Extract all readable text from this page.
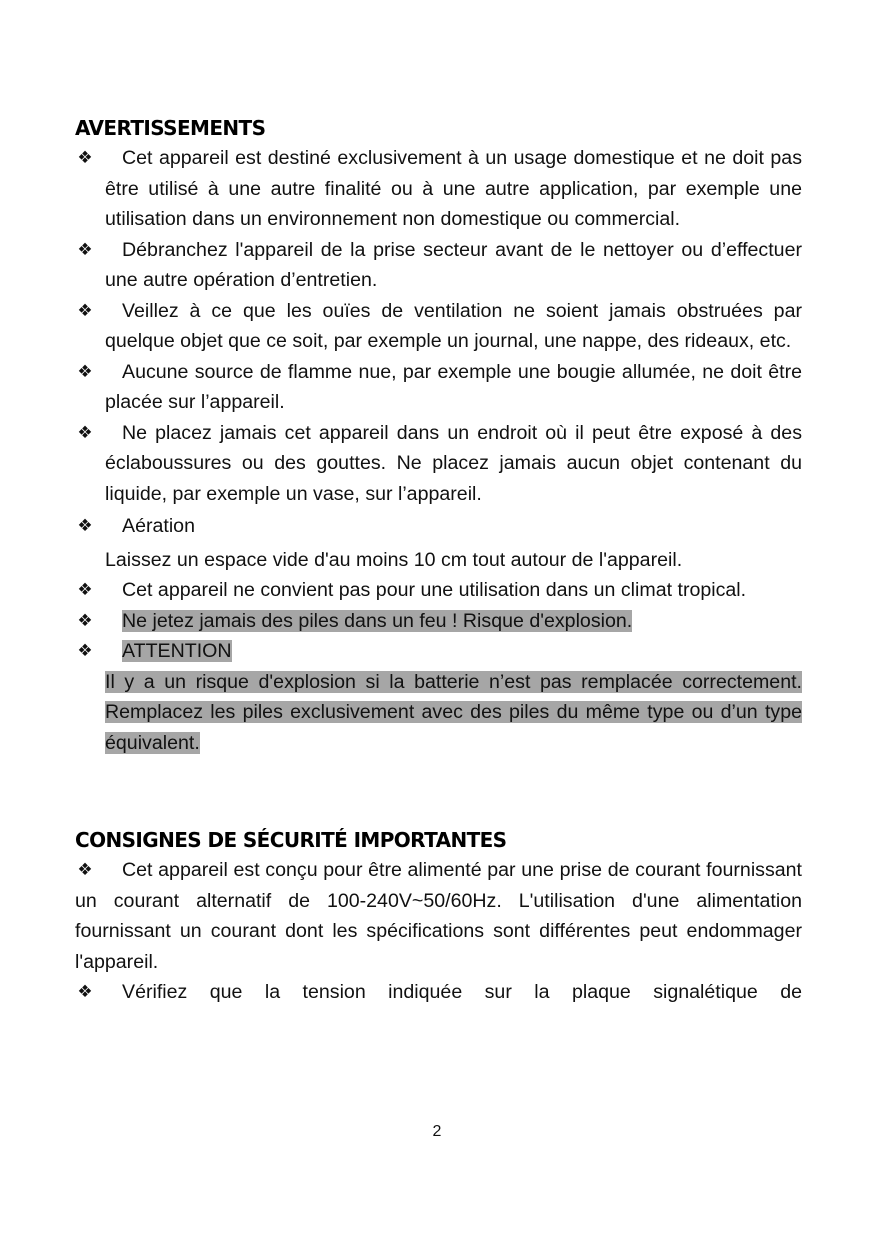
AVERTISSEMENTS
❖	Cet appareil est destiné exclusivement à un usage domestique et ne doit pas être utilisé à une autre finalité ou à une autre application, par exemple une utilisation dans un environnement non domestique ou commercial.
❖	Débranchez l'appareil de la prise secteur avant de le nettoyer ou d’effectuer une autre opération d’entretien.
❖	Veillez à ce que les ouïes de ventilation ne soient jamais obstruées par quelque objet que ce soit, par exemple un journal, une nappe, des rideaux, etc.
❖	Aucune source de flamme nue, par exemple une bougie allumée, ne doit être placée sur l’appareil.
❖	Ne placez jamais cet appareil dans un endroit où il peut être exposé à des éclaboussures ou des gouttes. Ne placez jamais aucun objet contenant du liquide, par exemple un vase, sur l’appareil.
❖	Aération
Laissez un espace vide d'au moins 10 cm tout autour de l'appareil.
❖	Cet appareil ne convient pas pour une utilisation dans un climat tropical.
❖	Ne jetez jamais des piles dans un feu ! Risque d'explosion.
❖	ATTENTION
Il y a un risque d'explosion si la batterie n’est pas remplacée correctement. Remplacez les piles exclusivement avec des piles du même type ou d’un type équivalent.
CONSIGNES DE SÉCURITÉ IMPORTANTES
❖	Cet appareil est conçu pour être alimenté par une prise de courant fournissant un courant alternatif de 100-240V~50/60Hz. L'utilisation d'une alimentation fournissant un courant dont les spécifications sont différentes peut endommager l'appareil.
❖	Vérifiez que la tension indiquée sur la plaque signalétique de
2
